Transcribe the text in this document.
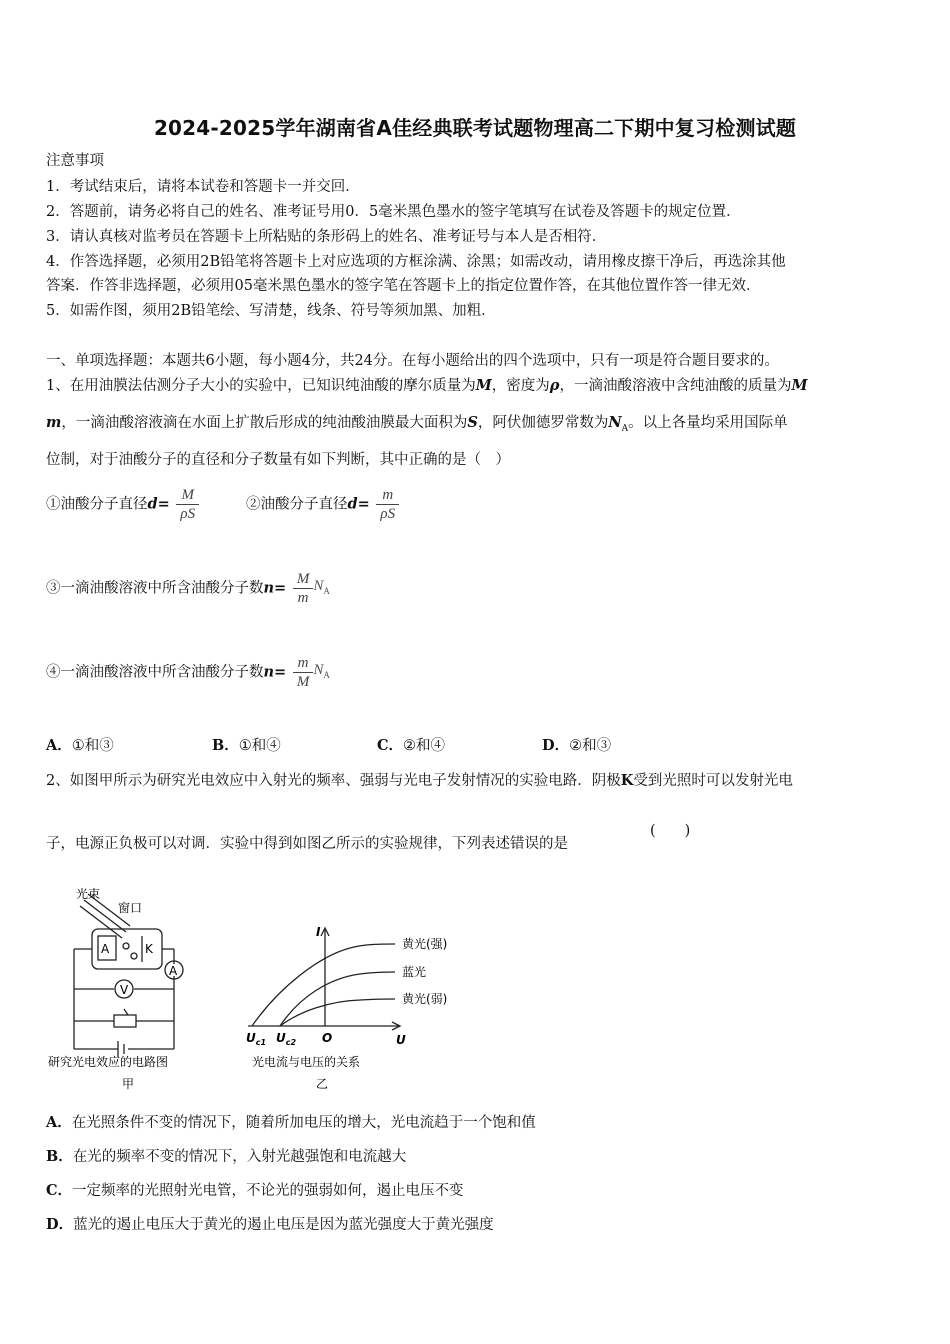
2024-2025学年湖南省A佳经典联考试题物理高二下期中复习检测试题
注意事项
1．考试结束后，请将本试卷和答题卡一并交回．
2．答题前，请务必将自己的姓名、准考证号用0．5毫米黑色墨水的签字笔填写在试卷及答题卡的规定位置．
3．请认真核对监考员在答题卡上所粘贴的条形码上的姓名、准考证号与本人是否相符．
4．作答选择题，必须用2B铅笔将答题卡上对应选项的方框涂满、涂黑；如需改动，请用橡皮擦干净后，再选涂其他
答案．作答非选择题，必须用05毫米黑色墨水的签字笔在答题卡上的指定位置作答，在其他位置作答一律无效．
5．如需作图，须用2B铅笔绘、写清楚，线条、符号等须加黑、加粗．
一、单项选择题：本题共6小题，每小题4分，共24分。在每小题给出的四个选项中，只有一项是符合题目要求的。
1、在用油膜法估测分子大小的实验中，已知识纯油酸的摩尔质量为M，密度为ρ，一滴油酸溶液中含纯油酸的质量为M
m，一滴油酸溶液滴在水面上扩散后形成的纯油酸油膜最大面积为S，阿伏伽德罗常数为$N_A$。以上各量均采用国际单
位制，对于油酸分子的直径和分子数量有如下判断，其中正确的是（　）
①油酸分子直径$d= \frac{M}{\rho S}$	②油酸分子直径$d= \frac{m}{\rho S}$
③一滴油酸溶液中所含油酸分子数$n= \frac{M}{m} N_A$
④一滴油酸溶液中所含油酸分子数$n= \frac{m}{M} N_A$
A．①和③	B．①和④	C．②和④	D．②和③
2、如图甲所示为研究光电效应中入射光的频率、强弱与光电子发射情况的实验电路．阴极K受到光照时可以发射光电
子，电源正负极可以对调．实验中得到如图乙所示的实验规律，下列表述错误的是
(　　)
光束
窗口
A	K
A
V
研究光电效应的电路图
甲
I
U
O
$U_{c1}$ $U_{c2}$
黄光(强)
蓝光
黄光(弱)
光电流与电压的关系
乙
A．在光照条件不变的情况下，随着所加电压的增大，光电流趋于一个饱和值
B．在光的频率不变的情况下，入射光越强饱和电流越大
C．一定频率的光照射光电管，不论光的强弱如何，遏止电压不变
D．蓝光的遏止电压大于黄光的遏止电压是因为蓝光强度大于黄光强度
